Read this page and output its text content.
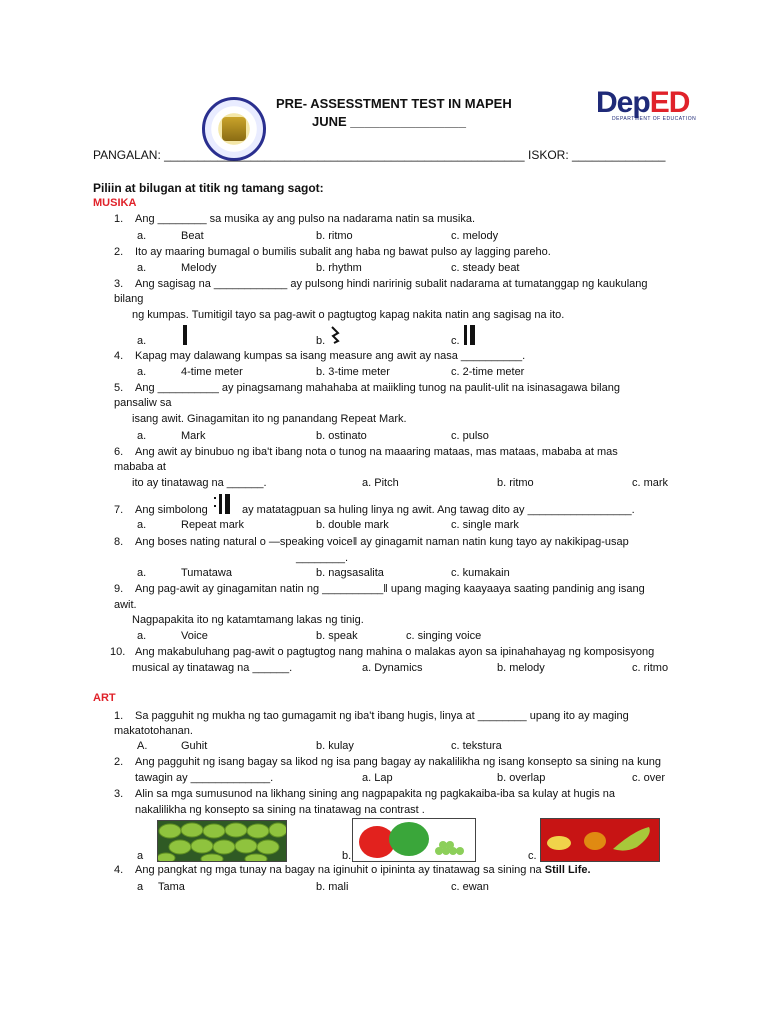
PRE- ASSESSTMENT TEST IN MAPEH
JUNE ________________
DepED
DEPARTMENT OF EDUCATION
PANGALAN: ______________________________________________________ ISKOR: ______________
Piliin at bilugan at titik ng tamang sagot:
MUSIKA
1. Ang ________ sa musika ay ang pulso na nadarama natin sa musika.
a.	Beat	b. ritmo	c. melody
2. Ito ay maaring bumagal o bumilis subalit ang haba ng bawat pulso ay lagging pareho.
a.	Melody	b. rhythm	c. steady beat
3. Ang sagisag na ____________ ay pulsong hindi naririnig subalit nadarama at tumatanggap ng kaukulang
bilang
ng kumpas. Tumitigil tayo sa pag-awit o pagtugtog kapag nakita natin ang sagisag na ito.
a.	b.	c.
4. Kapag may dalawang kumpas sa isang measure ang awit ay nasa __________.
a.	4-time meter	b. 3-time meter	c. 2-time meter
5. Ang __________ ay pinagsamang mahahaba at maiikling tunog na paulit-ulit na isinasagawa bilang
pansaliw sa
isang awit. Ginagamitan ito ng panandang Repeat Mark.
a.	Mark	b. ostinato	c. pulso
6. Ang awit ay binubuo ng iba't ibang nota o tunog na maaaring mataas, mas mataas, mababa at mas
mababa at
ito ay tinatawag na ______.	a. Pitch	b. ritmo	c. mark
7. Ang simbolong	ay matatagpuan sa huling linya ng awit. Ang tawag dito ay _________________.
a.	Repeat mark	b. double mark	c. single mark
8. Ang boses nating natural o —speaking voice‖ ay ginagamit naman natin kung tayo ay nakikipag-usap
________.
a.	Tumatawa	b. nagsasalita	c. kumakain
9. Ang pag-awit ay ginagamitan natin ng __________‖ upang maging kaayaaya saating pandinig ang isang
awit.
Nagpapakita ito ng katamtamang lakas ng tinig.
a.	Voice	b. speak	c. singing voice
10. Ang makabuluhang pag-awit o pagtugtog nang mahina o malakas ayon sa ipinahahayag ng komposisyong
musical ay tinatawag na ______.	a. Dynamics	b. melody	c. ritmo
ART
1. Sa pagguhit ng mukha ng tao gumagamit ng iba't ibang hugis, linya at ________ upang ito ay maging
makatotohanan.
A.	Guhit	b. kulay	c. tekstura
2. Ang pagguhit ng isang bagay sa likod ng isa pang bagay ay nakalilikha ng isang konsepto sa sining na kung
tawagin ay _____________.	a. Lap	b. overlap	c. over
3. Alin sa mga sumusunod na likhang sining ang nagpapakita ng pagkakaiba-iba sa kulay at hugis na
nakalilikha ng konsepto sa sining na tinatawag na contrast .
a	b.	c.
4. Ang pangkat ng mga tunay na bagay na iginuhit o ipininta ay tinatawag sa sining na Still Life.
a Tama	b. mali	c. ewan
